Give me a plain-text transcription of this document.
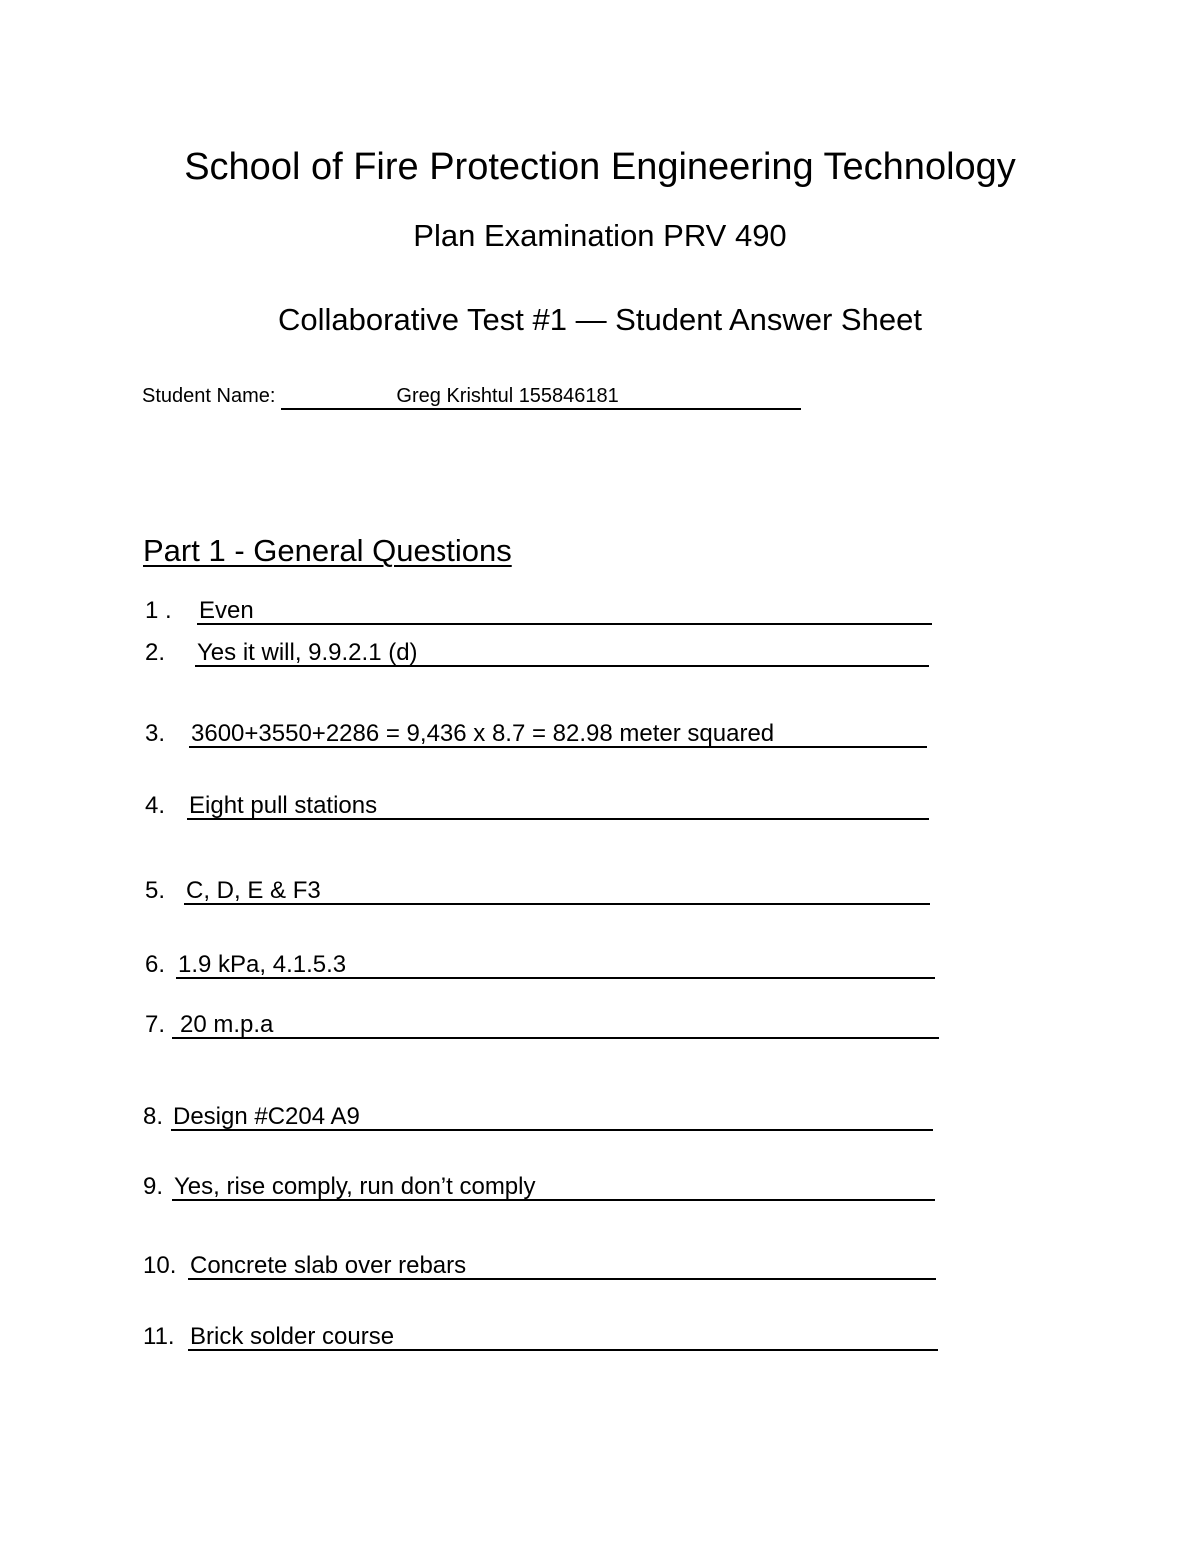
School of Fire Protection Engineering Technology
Plan Examination PRV 490
Collaborative Test #1 — Student Answer Sheet
Student Name:	Greg Krishtul 155846181
Part 1 - General Questions
1 . Even
2. Yes it will, 9.9.2.1 (d)
3. 3600+3550+2286 = 9,436 x 8.7 = 82.98 meter squared
4. Eight pull stations
5. C, D, E & F3
6. 1.9 kPa, 4.1.5.3
7. 20 m.p.a
8. Design #C204 A9
9. Yes, rise comply, run don’t comply
10. Concrete slab over rebars
11. Brick solder course
